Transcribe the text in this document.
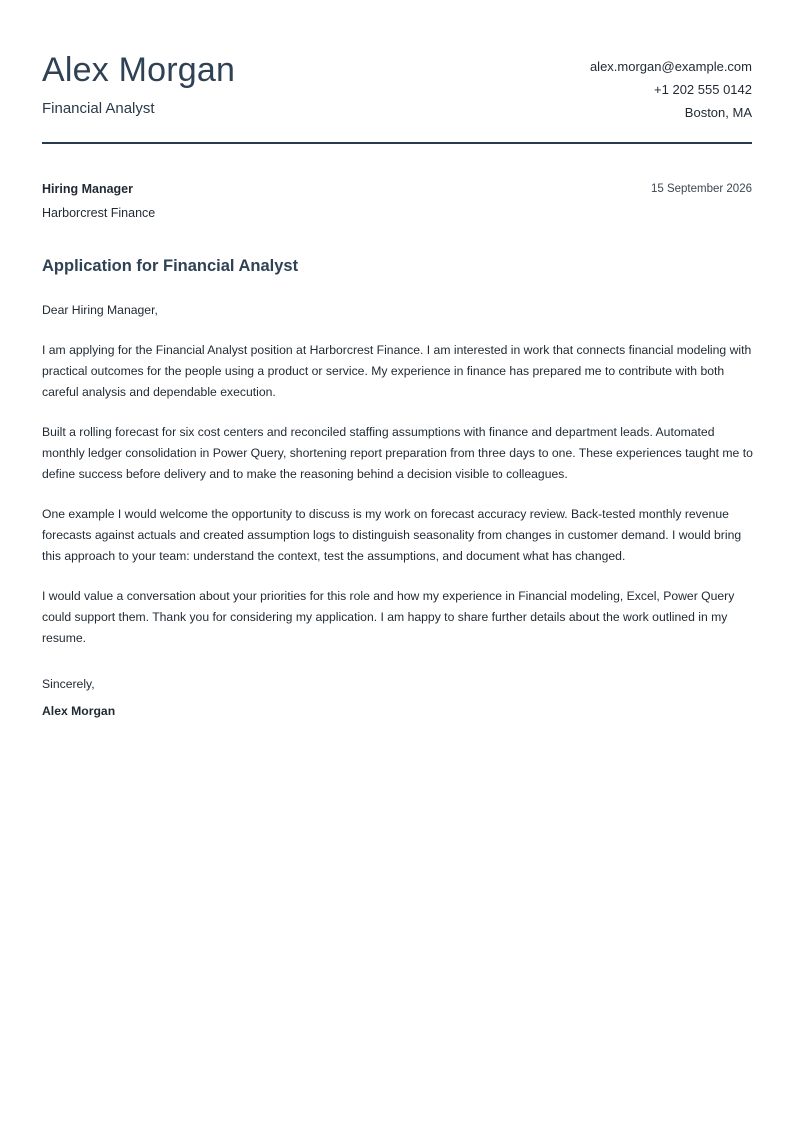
Alex Morgan
Financial Analyst
alex.morgan@example.com
+1 202 555 0142
Boston, MA
Hiring Manager
Harborcrest Finance
15 September 2026
Application for Financial Analyst
Dear Hiring Manager,

I am applying for the Financial Analyst position at Harborcrest Finance. I am interested in work that connects financial modeling with practical outcomes for the people using a product or service. My experience in finance has prepared me to contribute with both careful analysis and dependable execution.

Built a rolling forecast for six cost centers and reconciled staffing assumptions with finance and department leads. Automated monthly ledger consolidation in Power Query, shortening report preparation from three days to one. These experiences taught me to define success before delivery and to make the reasoning behind a decision visible to colleagues.

One example I would welcome the opportunity to discuss is my work on forecast accuracy review. Back-tested monthly revenue forecasts against actuals and created assumption logs to distinguish seasonality from changes in customer demand. I would bring this approach to your team: understand the context, test the assumptions, and document what has changed.

I would value a conversation about your priorities for this role and how my experience in Financial modeling, Excel, Power Query could support them. Thank you for considering my application. I am happy to share further details about the work outlined in my resume.

Sincerely,
Alex Morgan
